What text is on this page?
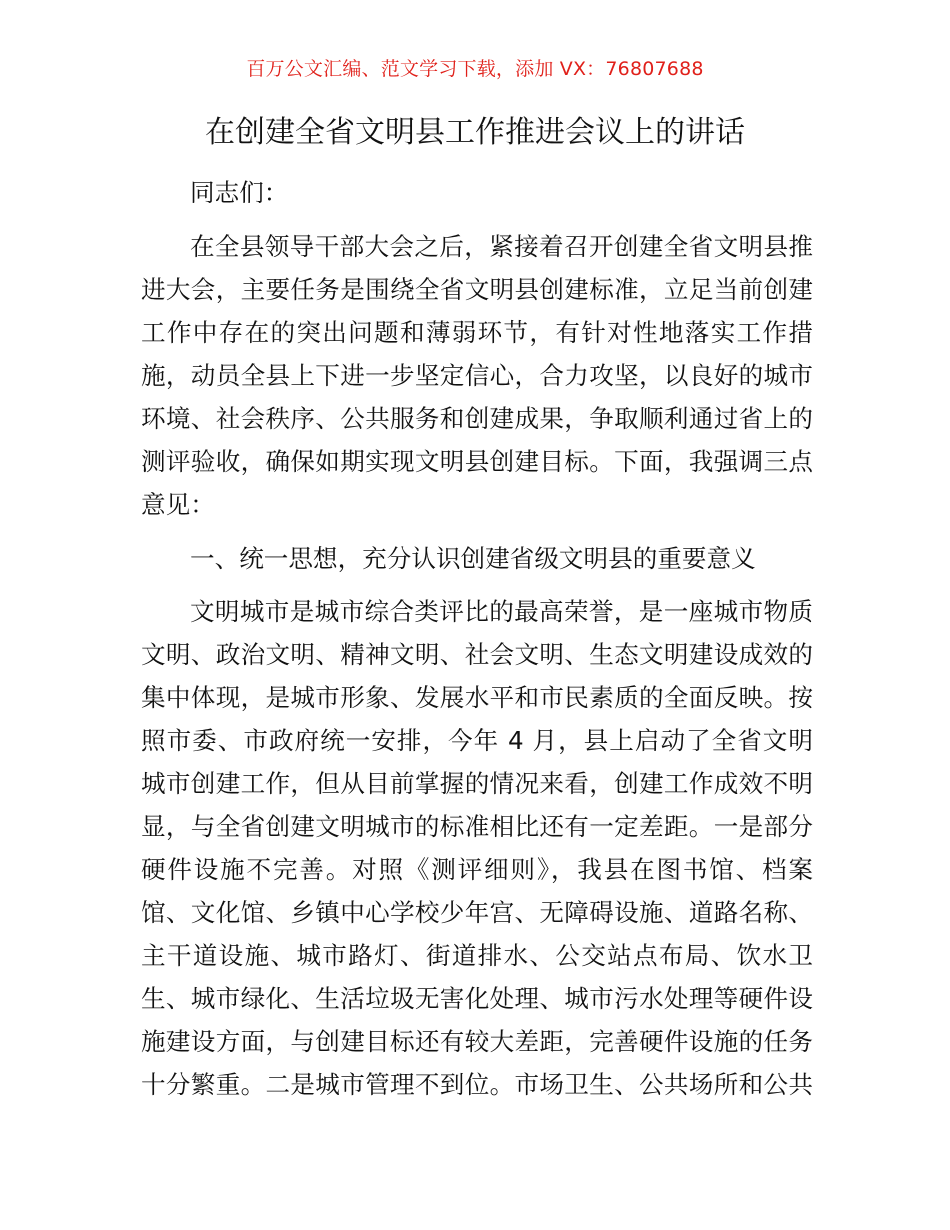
百万公文汇编、范文学习下载，添加 VX：76807688
在创建全省文明县工作推进会议上的讲话

同志们：

在全县领导干部大会之后，紧接着召开创建全省文明县推

进大会，主要任务是围绕全省文明县创建标准，立足当前创建

工作中存在的突出问题和薄弱环节，有针对性地落实工作措

施，动员全县上下进一步坚定信心，合力攻坚，以良好的城市

环境、社会秩序、公共服务和创建成果，争取顺利通过省上的

测评验收，确保如期实现文明县创建目标。下面，我强调三点

意见：

一、统一思想，充分认识创建省级文明县的重要意义

文明城市是城市综合类评比的最高荣誉，是一座城市物质

文明、政治文明、精神文明、社会文明、生态文明建设成效的

集中体现，是城市形象、发展水平和市民素质的全面反映。按

照市委、市政府统一安排，今年 4 月，县上启动了全省文明

城市创建工作，但从目前掌握的情况来看，创建工作成效不明

显，与全省创建文明城市的标准相比还有一定差距。一是部分

硬件设施不完善。对照《测评细则》，我县在图书馆、档案

馆、文化馆、乡镇中心学校少年宫、无障碍设施、道路名称、

主干道设施、城市路灯、街道排水、公交站点布局、饮水卫

生、城市绿化、生活垃圾无害化处理、城市污水处理等硬件设

施建设方面，与创建目标还有较大差距，完善硬件设施的任务

十分繁重。二是城市管理不到位。市场卫生、公共场所和公共
